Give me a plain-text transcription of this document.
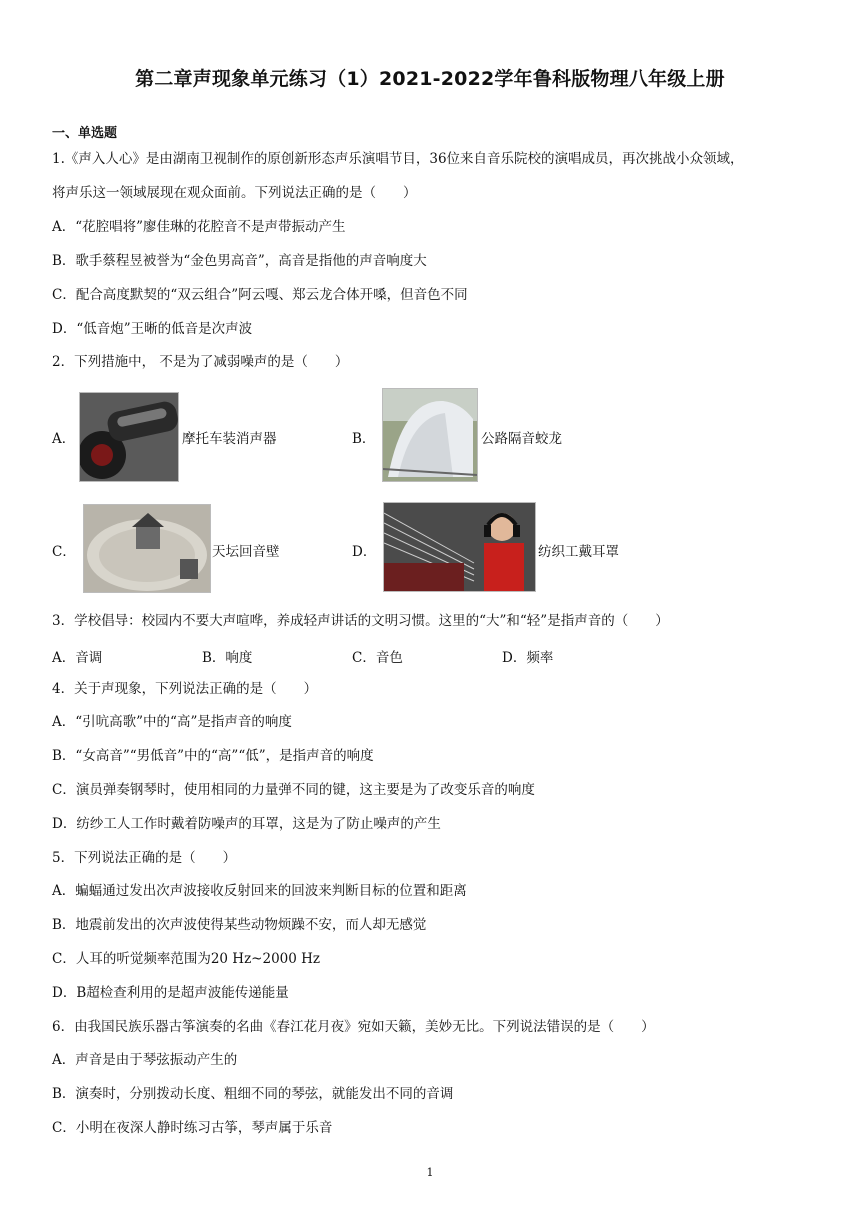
第二章声现象单元练习（1）2021-2022学年鲁科版物理八年级上册
一、单选题
1.《声入人心》是由湖南卫视制作的原创新形态声乐演唱节目，36位来自音乐院校的演唱成员，再次挑战小众领域，
将声乐这一领域展现在观众面前。下列说法正确的是（　　）
A．“花腔唱将”廖佳琳的花腔音不是声带振动产生
B．歌手蔡程昱被誉为“金色男高音”，高音是指他的声音响度大
C．配合高度默契的“双云组合”阿云嘎、郑云龙合体开嗓，但音色不同
D．“低音炮”王晰的低音是次声波
2．下列措施中， 不是为了减弱噪声的是（　　）
A．	摩托车装消声器	B．	公路隔音蛟龙
C．	天坛回音壁	D．	纺织工戴耳罩
3．学校倡导：校园内不要大声喧哗，养成轻声讲话的文明习惯。这里的“大”和“轻”是指声音的（　　）
A．音调	B．响度	C．音色	D．频率
4．关于声现象，下列说法正确的是（　　）
A．“引吭高歌”中的“高”是指声音的响度
B．“女高音”“男低音”中的“高”“低”，是指声音的响度
C．演员弹奏钢琴时，使用相同的力量弹不同的键，这主要是为了改变乐音的响度
D．纺纱工人工作时戴着防噪声的耳罩，这是为了防止噪声的产生
5．下列说法正确的是（　　）
A．蝙蝠通过发出次声波接收反射回来的回波来判断目标的位置和距离
B．地震前发出的次声波使得某些动物烦躁不安，而人却无感觉
C．人耳的听觉频率范围为20 Hz~2000 Hz
D．B超检查利用的是超声波能传递能量
6．由我国民族乐器古筝演奏的名曲《春江花月夜》宛如天籁，美妙无比。下列说法错误的是（　　）
A．声音是由于琴弦振动产生的
B．演奏时，分别拨动长度、粗细不同的琴弦，就能发出不同的音调
C．小明在夜深人静时练习古筝，琴声属于乐音
1
